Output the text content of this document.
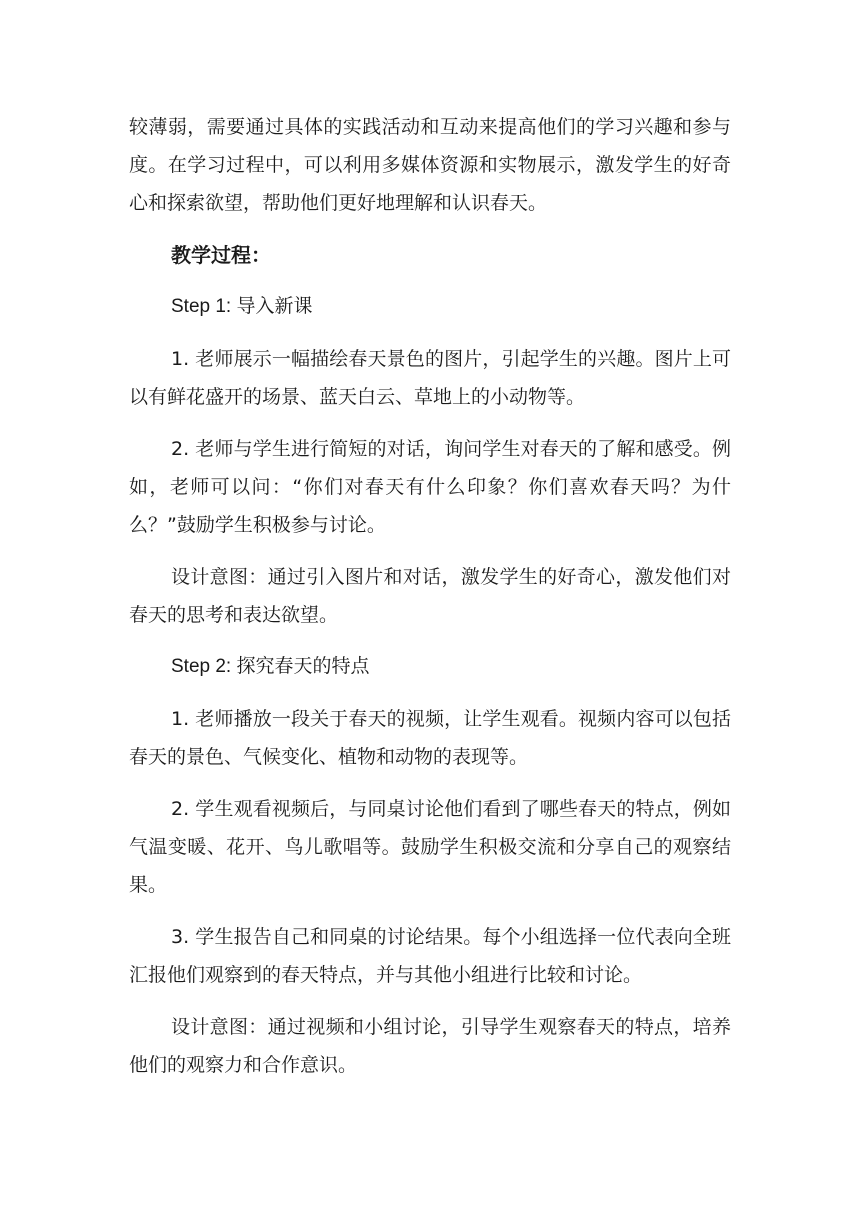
较薄弱，需要通过具体的实践活动和互动来提高他们的学习兴趣和参与度。在学习过程中，可以利用多媒体资源和实物展示，激发学生的好奇心和探索欲望，帮助他们更好地理解和认识春天。

教学过程：

Step 1: 导入新课

1. 老师展示一幅描绘春天景色的图片，引起学生的兴趣。图片上可以有鲜花盛开的场景、蓝天白云、草地上的小动物等。

2. 老师与学生进行简短的对话，询问学生对春天的了解和感受。例如，老师可以问：“你们对春天有什么印象？你们喜欢春天吗？为什么？”鼓励学生积极参与讨论。

设计意图：通过引入图片和对话，激发学生的好奇心，激发他们对春天的思考和表达欲望。

Step 2: 探究春天的特点

1. 老师播放一段关于春天的视频，让学生观看。视频内容可以包括春天的景色、气候变化、植物和动物的表现等。

2. 学生观看视频后，与同桌讨论他们看到了哪些春天的特点，例如气温变暖、花开、鸟儿歌唱等。鼓励学生积极交流和分享自己的观察结果。

3. 学生报告自己和同桌的讨论结果。每个小组选择一位代表向全班汇报他们观察到的春天特点，并与其他小组进行比较和讨论。

设计意图：通过视频和小组讨论，引导学生观察春天的特点，培养他们的观察力和合作意识。
